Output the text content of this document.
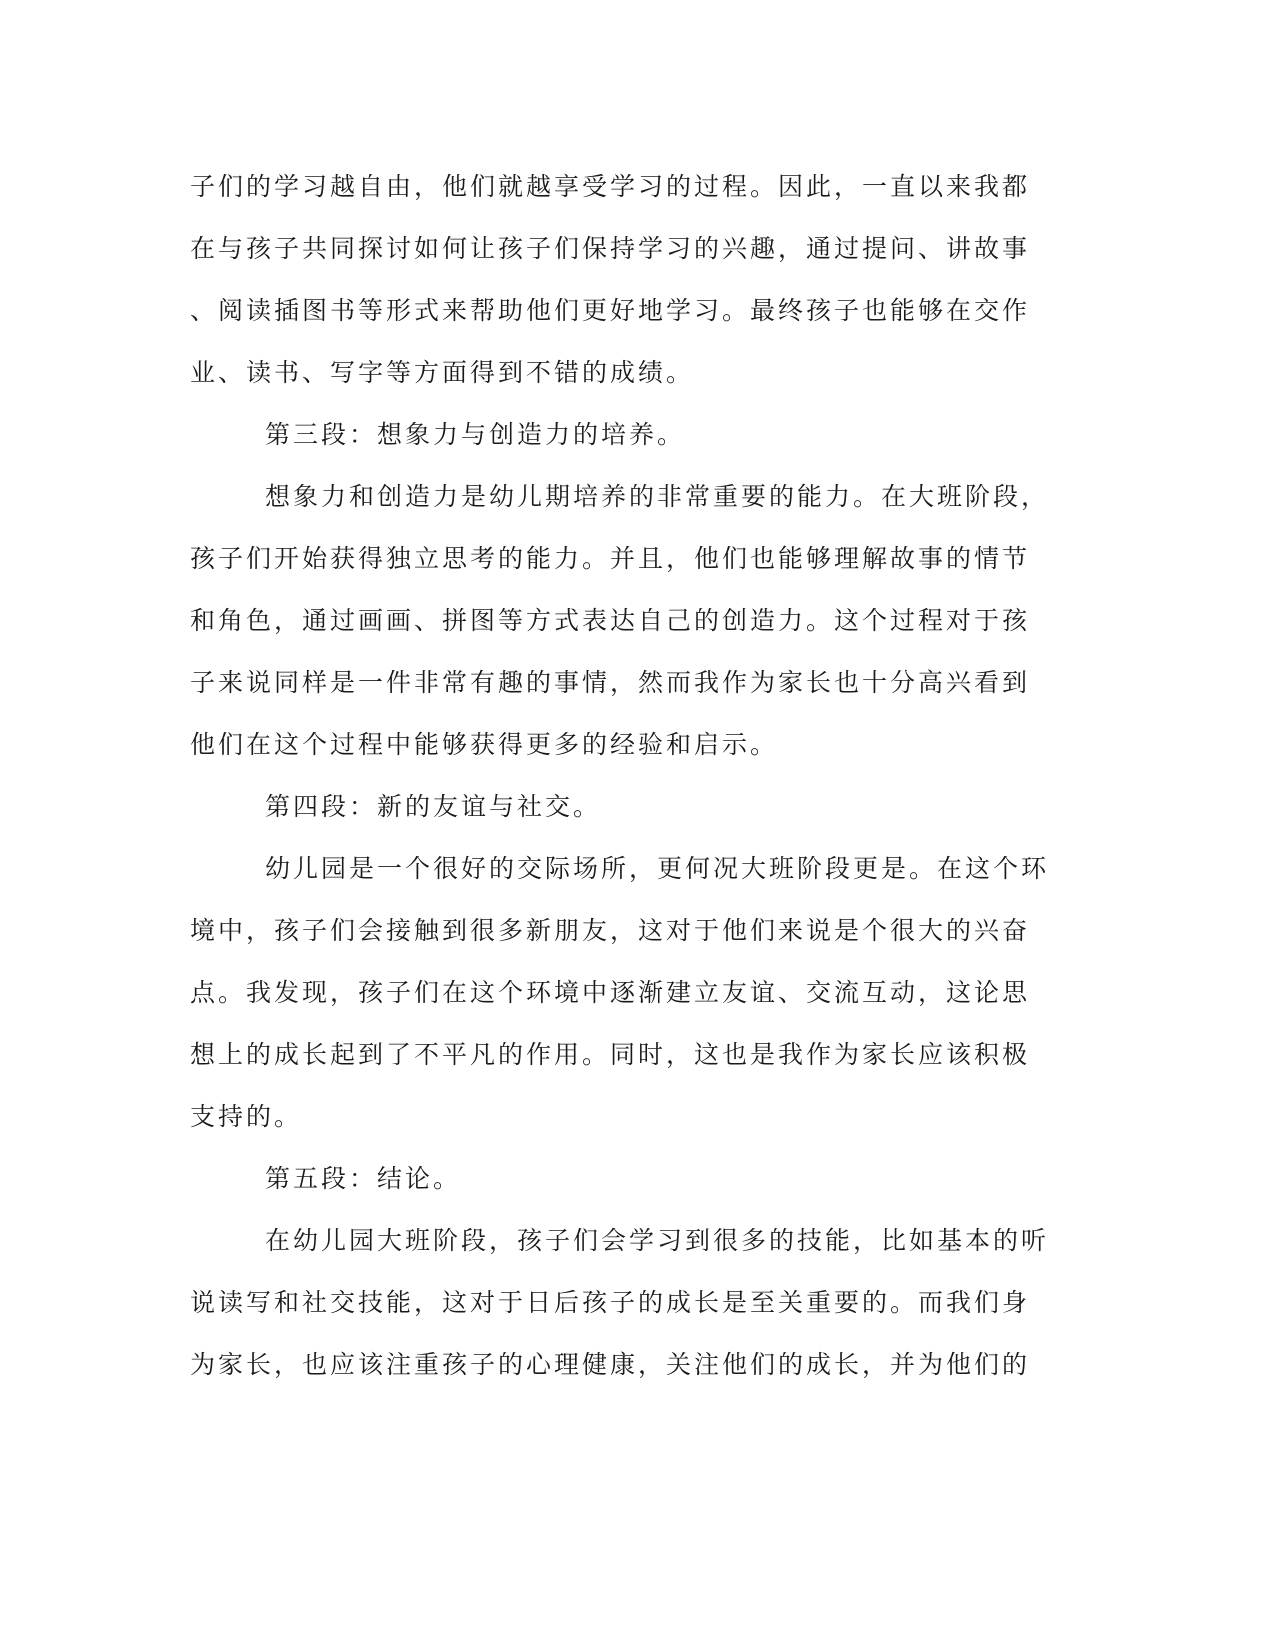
子们的学习越自由，他们就越享受学习的过程。因此，一直以来我都

在与孩子共同探讨如何让孩子们保持学习的兴趣，通过提问、讲故事

、阅读插图书等形式来帮助他们更好地学习。最终孩子也能够在交作

业、读书、写字等方面得到不错的成绩。

第三段：想象力与创造力的培养。

想象力和创造力是幼儿期培养的非常重要的能力。在大班阶段，

孩子们开始获得独立思考的能力。并且，他们也能够理解故事的情节

和角色，通过画画、拼图等方式表达自己的创造力。这个过程对于孩

子来说同样是一件非常有趣的事情，然而我作为家长也十分高兴看到

他们在这个过程中能够获得更多的经验和启示。

第四段：新的友谊与社交。

幼儿园是一个很好的交际场所，更何况大班阶段更是。在这个环

境中，孩子们会接触到很多新朋友，这对于他们来说是个很大的兴奋

点。我发现，孩子们在这个环境中逐渐建立友谊、交流互动，这论思

想上的成长起到了不平凡的作用。同时，这也是我作为家长应该积极

支持的。

第五段：结论。

在幼儿园大班阶段，孩子们会学习到很多的技能，比如基本的听

说读写和社交技能，这对于日后孩子的成长是至关重要的。而我们身

为家长，也应该注重孩子的心理健康，关注他们的成长，并为他们的
